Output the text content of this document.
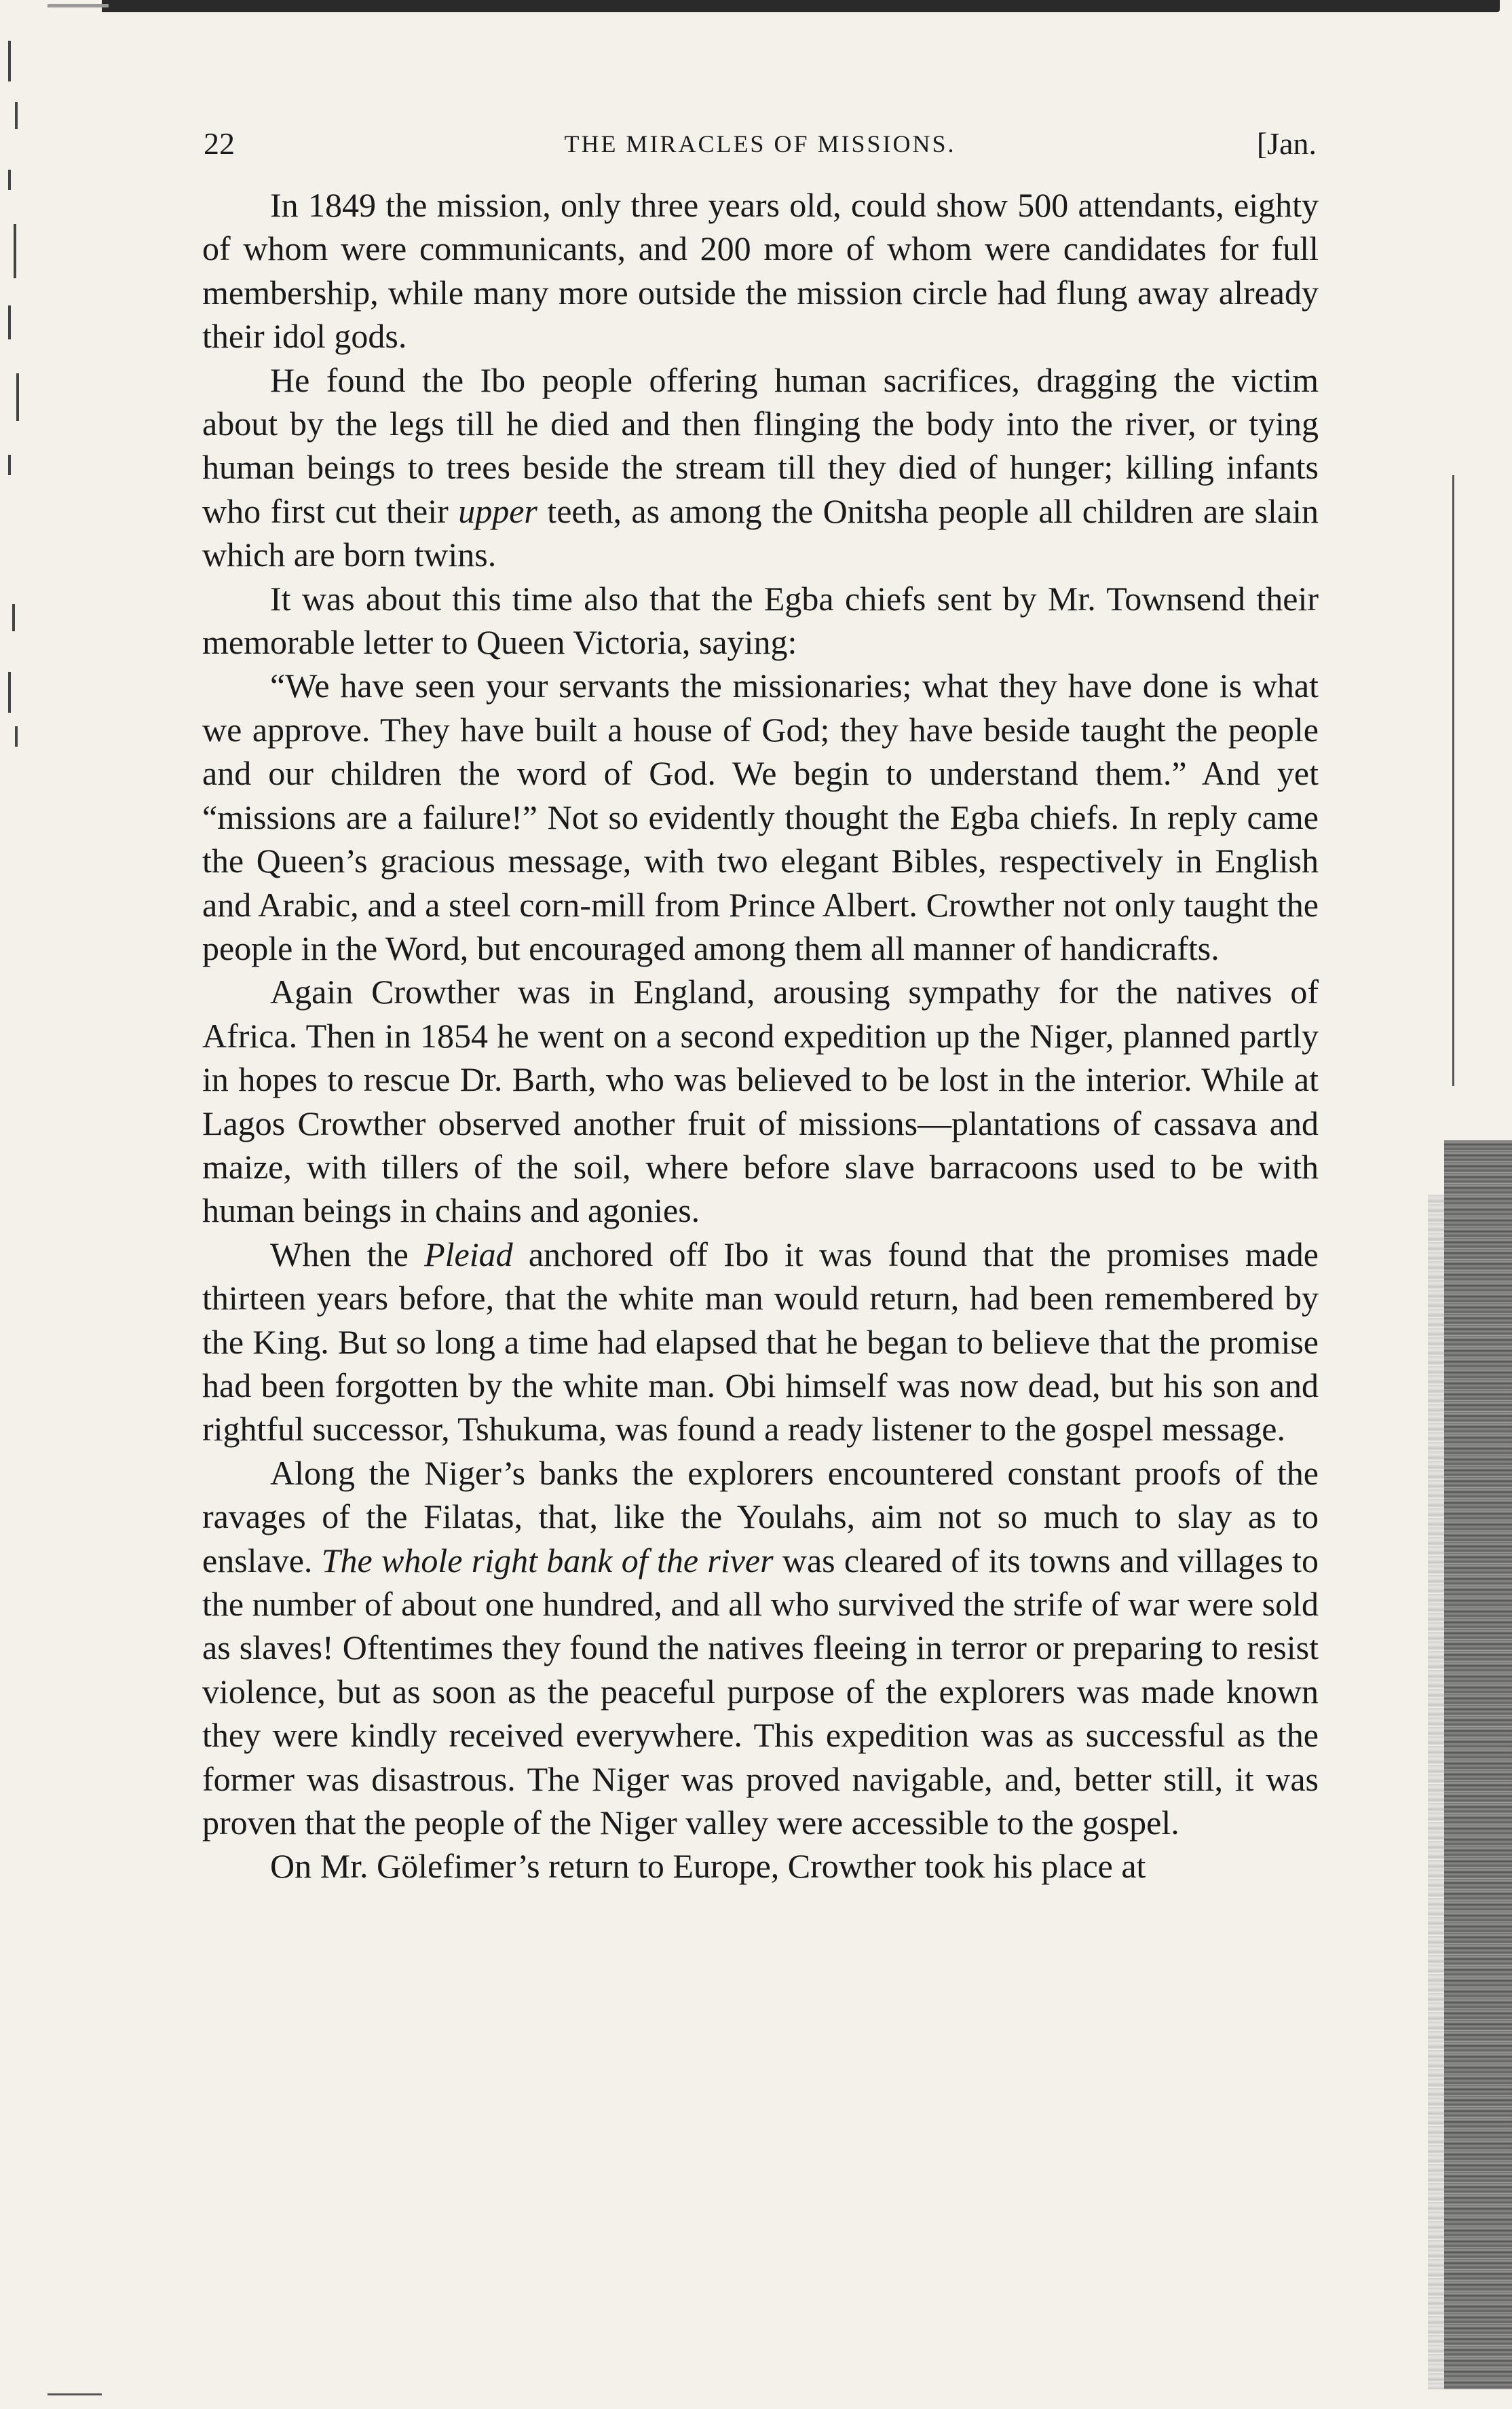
22	THE MIRACLES OF MISSIONS.	[Jan.

In 1849 the mission, only three years old, could show 500 attendants, eighty of whom were communicants, and 200 more of whom were candidates for full membership, while many more outside the mission circle had flung away already their idol gods.

He found the Ibo people offering human sacrifices, dragging the victim about by the legs till he died and then flinging the body into the river, or tying human beings to trees beside the stream till they died of hunger; killing infants who first cut their upper teeth, as among the Onitsha people all children are slain which are born twins.

It was about this time also that the Egba chiefs sent by Mr. Townsend their memorable letter to Queen Victoria, saying:

“We have seen your servants the missionaries; what they have done is what we approve. They have built a house of God; they have beside taught the people and our children the word of God. We begin to understand them.” And yet “missions are a failure!” Not so evidently thought the Egba chiefs. In reply came the Queen’s gracious message, with two elegant Bibles, respectively in English and Arabic, and a steel corn-mill from Prince Albert. Crowther not only taught the people in the Word, but encouraged among them all manner of handicrafts.

Again Crowther was in England, arousing sympathy for the natives of Africa. Then in 1854 he went on a second expedition up the Niger, planned partly in hopes to rescue Dr. Barth, who was believed to be lost in the interior. While at Lagos Crowther observed another fruit of missions—plantations of cassava and maize, with tillers of the soil, where before slave barracoons used to be with human beings in chains and agonies.

When the Pleiad anchored off Ibo it was found that the promises made thirteen years before, that the white man would return, had been remembered by the King. But so long a time had elapsed that he began to believe that the promise had been forgotten by the white man. Obi himself was now dead, but his son and rightful successor, Tshukuma, was found a ready listener to the gospel message.

Along the Niger’s banks the explorers encountered constant proofs of the ravages of the Filatas, that, like the Youlahs, aim not so much to slay as to enslave. The whole right bank of the river was cleared of its towns and villages to the number of about one hundred, and all who survived the strife of war were sold as slaves! Oftentimes they found the natives fleeing in terror or preparing to resist violence, but as soon as the peaceful purpose of the explorers was made known they were kindly received everywhere. This expedition was as successful as the former was disastrous. The Niger was proved navigable, and, better still, it was proven that the people of the Niger valley were accessible to the gospel.

On Mr. Gölefimer’s return to Europe, Crowther took his place at
